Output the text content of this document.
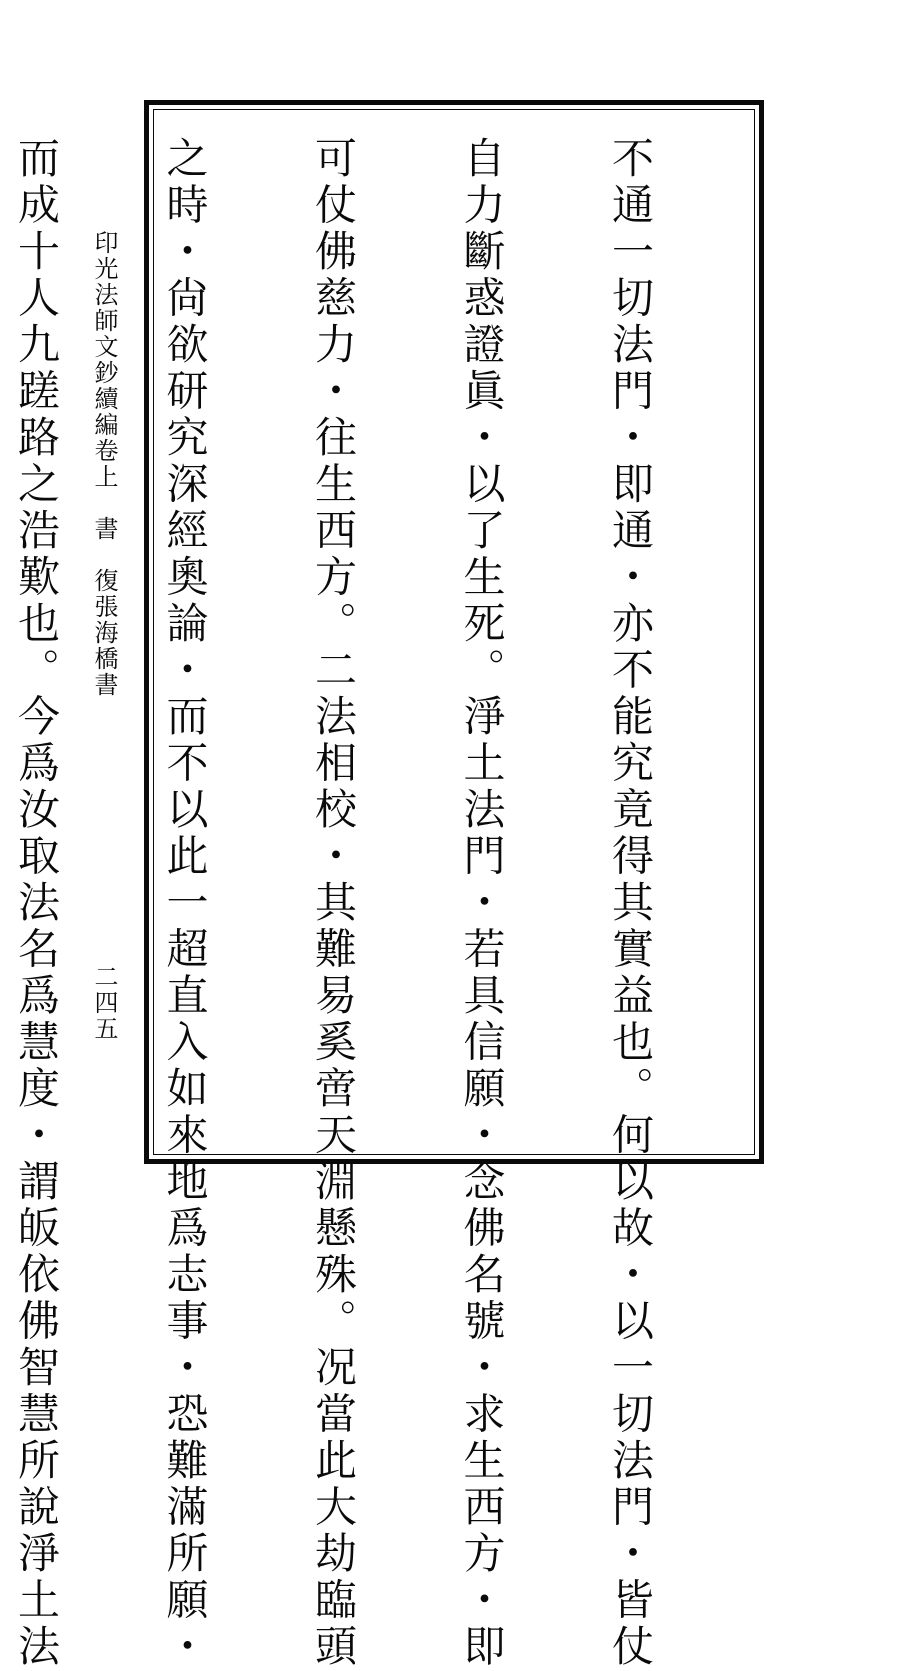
印光法師文鈔續編卷上書復張海橋書
二四五

	不通一切法門・即通・亦不能究竟得其實益也。何以故・以一切法門・皆仗

自力斷惑證眞・以了生死。淨土法門・若具信願・念佛名號・求生西方・即

可仗佛慈力・往生西方。二法相校・其難易奚啻天淵懸殊。况當此大劫臨頭

之時・尙欲研究深經奧論・而不以此一超直入如來地爲志事・恐難滿所願・

而成十人九蹉路之浩歎也。今爲汝取法名爲慧度・謂皈依佛智慧所說淨土法
